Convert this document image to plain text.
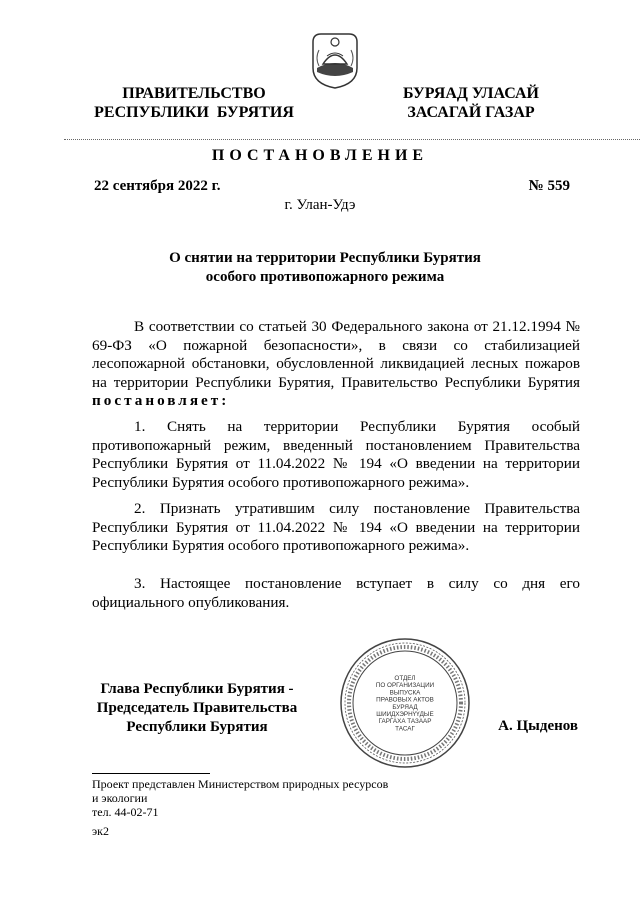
ПРАВИТЕЛЬСТВО
РЕСПУБЛИКИ  БУРЯТИЯ
БУРЯАД УЛАСАЙ
ЗАСАГАЙ ГАЗАР
ПОСТАНОВЛЕНИЕ
22 сентября 2022 г.	№ 559
г. Улан-Удэ
О снятии на территории Республики Бурятия
особого противопожарного режима
В соответствии со статьей 30 Федерального закона от 21.12.1994 № 69-ФЗ «О пожарной безопасности», в связи со стабилизацией лесопожарной обстановки, обусловленной ликвидацией лесных пожаров на территории Республики Бурятия, Правительство Республики Бурятия постановляет:
1. Снять на территории Республики Бурятия особый противопожарный режим, введенный постановлением Правительства Республики Бурятия от 11.04.2022 № 194 «О введении на территории Республики Бурятия особого противопожарного режима».
2. Признать утратившим силу постановление Правительства Республики Бурятия от 11.04.2022 № 194 «О введении на территории Республики Бурятия особого противопожарного режима».
3. Настоящее постановление вступает в силу со дня его официального опубликования.
Глава Республики Бурятия -
Председатель Правительства
Республики Бурятия
ОТДЕЛ
ПО ОРГАНИЗАЦИИ
ВЫПУСКА
ПРАВОВЫХ АКТОВ
БУРЯАД
ШИИДХЭРНҮҮДЫЕ
ГАРГАХА ТАЗААР
ТАСАГ	А. Цыденов
Проект представлен Министерством природных ресурсов
и экологии
тел. 44-02-71
эк2
